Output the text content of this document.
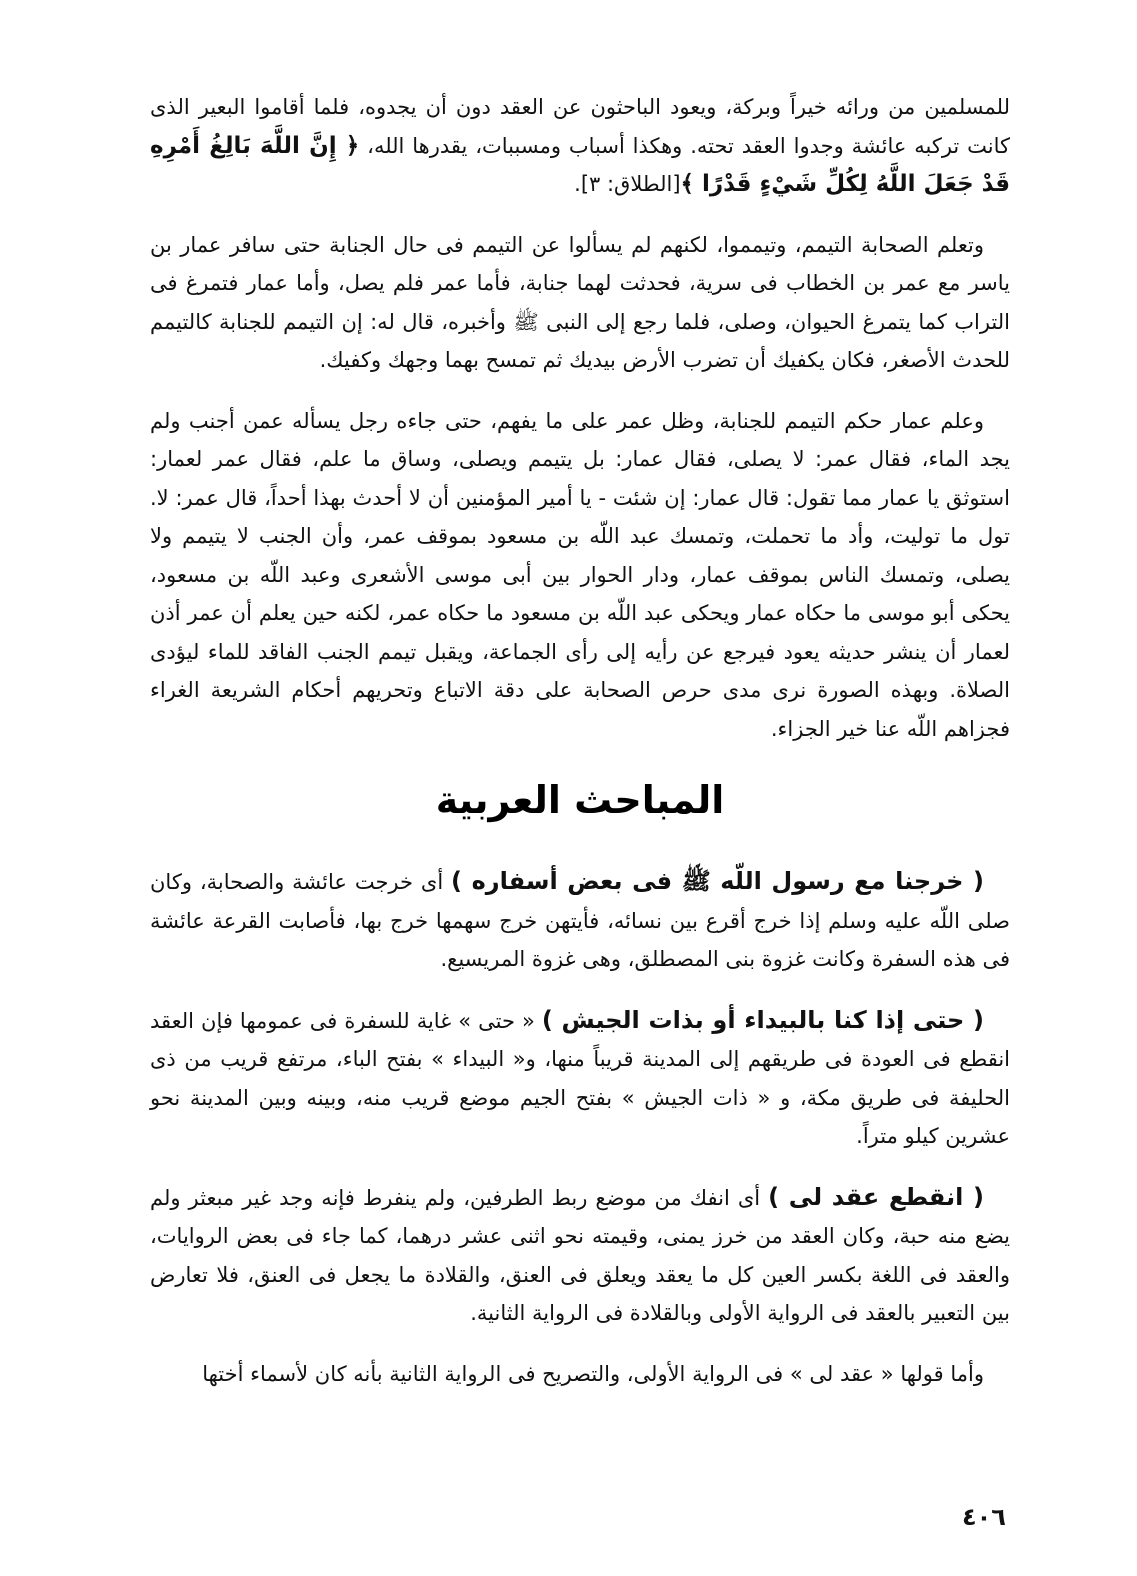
للمسلمين من ورائه خيراً وبركة، ويعود الباحثون عن العقد دون أن يجدوه، فلما أقاموا البعير الذى كانت تركبه عائشة وجدوا العقد تحته. وهكذا أسباب ومسببات، يقدرها الله، ﴿ إِنَّ اللَّهَ بَالِغُ أَمْرِهِ قَدْ جَعَلَ اللَّهُ لِكُلِّ شَيْءٍ قَدْرًا ﴾[الطلاق: ٣].

وتعلم الصحابة التيمم، وتيمموا، لكنهم لم يسألوا عن التيمم فى حال الجنابة حتى سافر عمار بن ياسر مع عمر بن الخطاب فى سرية، فحدثت لهما جنابة، فأما عمر فلم يصل، وأما عمار فتمرغ فى التراب كما يتمرغ الحيوان، وصلى، فلما رجع إلى النبى ﷺ وأخبره، قال له: إن التيمم للجنابة كالتيمم للحدث الأصغر، فكان يكفيك أن تضرب الأرض بيديك ثم تمسح بهما وجهك وكفيك.

وعلم عمار حكم التيمم للجنابة، وظل عمر على ما يفهم، حتى جاءه رجل يسأله عمن أجنب ولم يجد الماء، فقال عمر: لا يصلى، فقال عمار: بل يتيمم ويصلى، وساق ما علم، فقال عمر لعمار: استوثق يا عمار مما تقول: قال عمار: إن شئت - يا أمير المؤمنين أن لا أحدث بهذا أحداً، قال عمر: لا. تول ما توليت، وأد ما تحملت، وتمسك عبد اللّه بن مسعود بموقف عمر، وأن الجنب لا يتيمم ولا يصلى، وتمسك الناس بموقف عمار، ودار الحوار بين أبى موسى الأشعرى وعبد اللّه بن مسعود، يحكى أبو موسى ما حكاه عمار ويحكى عبد اللّه بن مسعود ما حكاه عمر، لكنه حين يعلم أن عمر أذن لعمار أن ينشر حديثه يعود فيرجع عن رأيه إلى رأى الجماعة، ويقبل تيمم الجنب الفاقد للماء ليؤدى الصلاة. وبهذه الصورة نرى مدى حرص الصحابة على دقة الاتباع وتحريهم أحكام الشريعة الغراء فجزاهم اللّه عنا خير الجزاء.

المباحث العربية

( خرجنا مع رسول اللّه ﷺ فى بعض أسفاره ) أى خرجت عائشة والصحابة، وكان صلى اللّه عليه وسلم إذا خرج أقرع بين نسائه، فأيتهن خرج سهمها خرج بها، فأصابت القرعة عائشة فى هذه السفرة وكانت غزوة بنى المصطلق، وهى غزوة المريسيع.

( حتى إذا كنا بالبيداء أو بذات الجيش ) « حتى » غاية للسفرة فى عمومها فإن العقد انقطع فى العودة فى طريقهم إلى المدينة قريباً منها، و« البيداء » بفتح الباء، مرتفع قريب من ذى الحليفة فى طريق مكة، و « ذات الجيش » بفتح الجيم موضع قريب منه، وبينه وبين المدينة نحو عشرين كيلو متراً.

( انقطع عقد لى ) أى انفك من موضع ربط الطرفين، ولم ينفرط فإنه وجد غير مبعثر ولم يضع منه حبة، وكان العقد من خرز يمنى، وقيمته نحو اثنى عشر درهما، كما جاء فى بعض الروايات، والعقد فى اللغة بكسر العين كل ما يعقد ويعلق فى العنق، والقلادة ما يجعل فى العنق، فلا تعارض بين التعبير بالعقد فى الرواية الأولى وبالقلادة فى الرواية الثانية.

وأما قولها « عقد لى » فى الرواية الأولى، والتصريح فى الرواية الثانية بأنه كان لأسماء أختها

٤٠٦
